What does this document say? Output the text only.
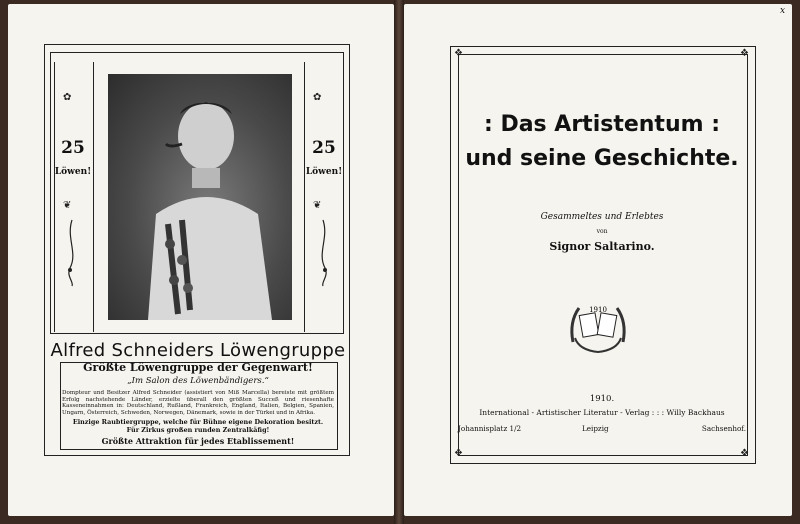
✿	✿
25
Löwen!
25
Löwen!
❦	❦
Alfred Schneiders Löwengruppe
Größte Löwengruppe der Gegenwart!
„Im Salon des Löwenbändigers.“
Dompteur und Besitzer Alfred Schneider (assistiert von Miß Marcella) bereiste mit größtem Erfolg nachstehende Länder, erzielte überall den größten Succeß und riesenhafte Kasseneinnahmen in: Deutschland, Rußland, Frankreich, England, Italien, Belgien, Spanien, Ungarn, Österreich, Schweden, Norwegen, Dänemark, sowie in der Türkei und in Afrika.
Einzige Raubtiergruppe, welche für Bühne eigene Dekoration besitzt.
Für Zirkus großen runden Zentralkäfig!
Größte Attraktion für jedes Etablissement!
x
❖	❖
❖	❖
: Das Artistentum :
und seine Geschichte.
Gesammeltes und Erlebtes
von
Signor Saltarino.
1910
1910.
International - Artistischer Literatur - Verlag : : : Willy Backhaus
Johannisplatz 1/2	Leipzig	Sachsenhof.
